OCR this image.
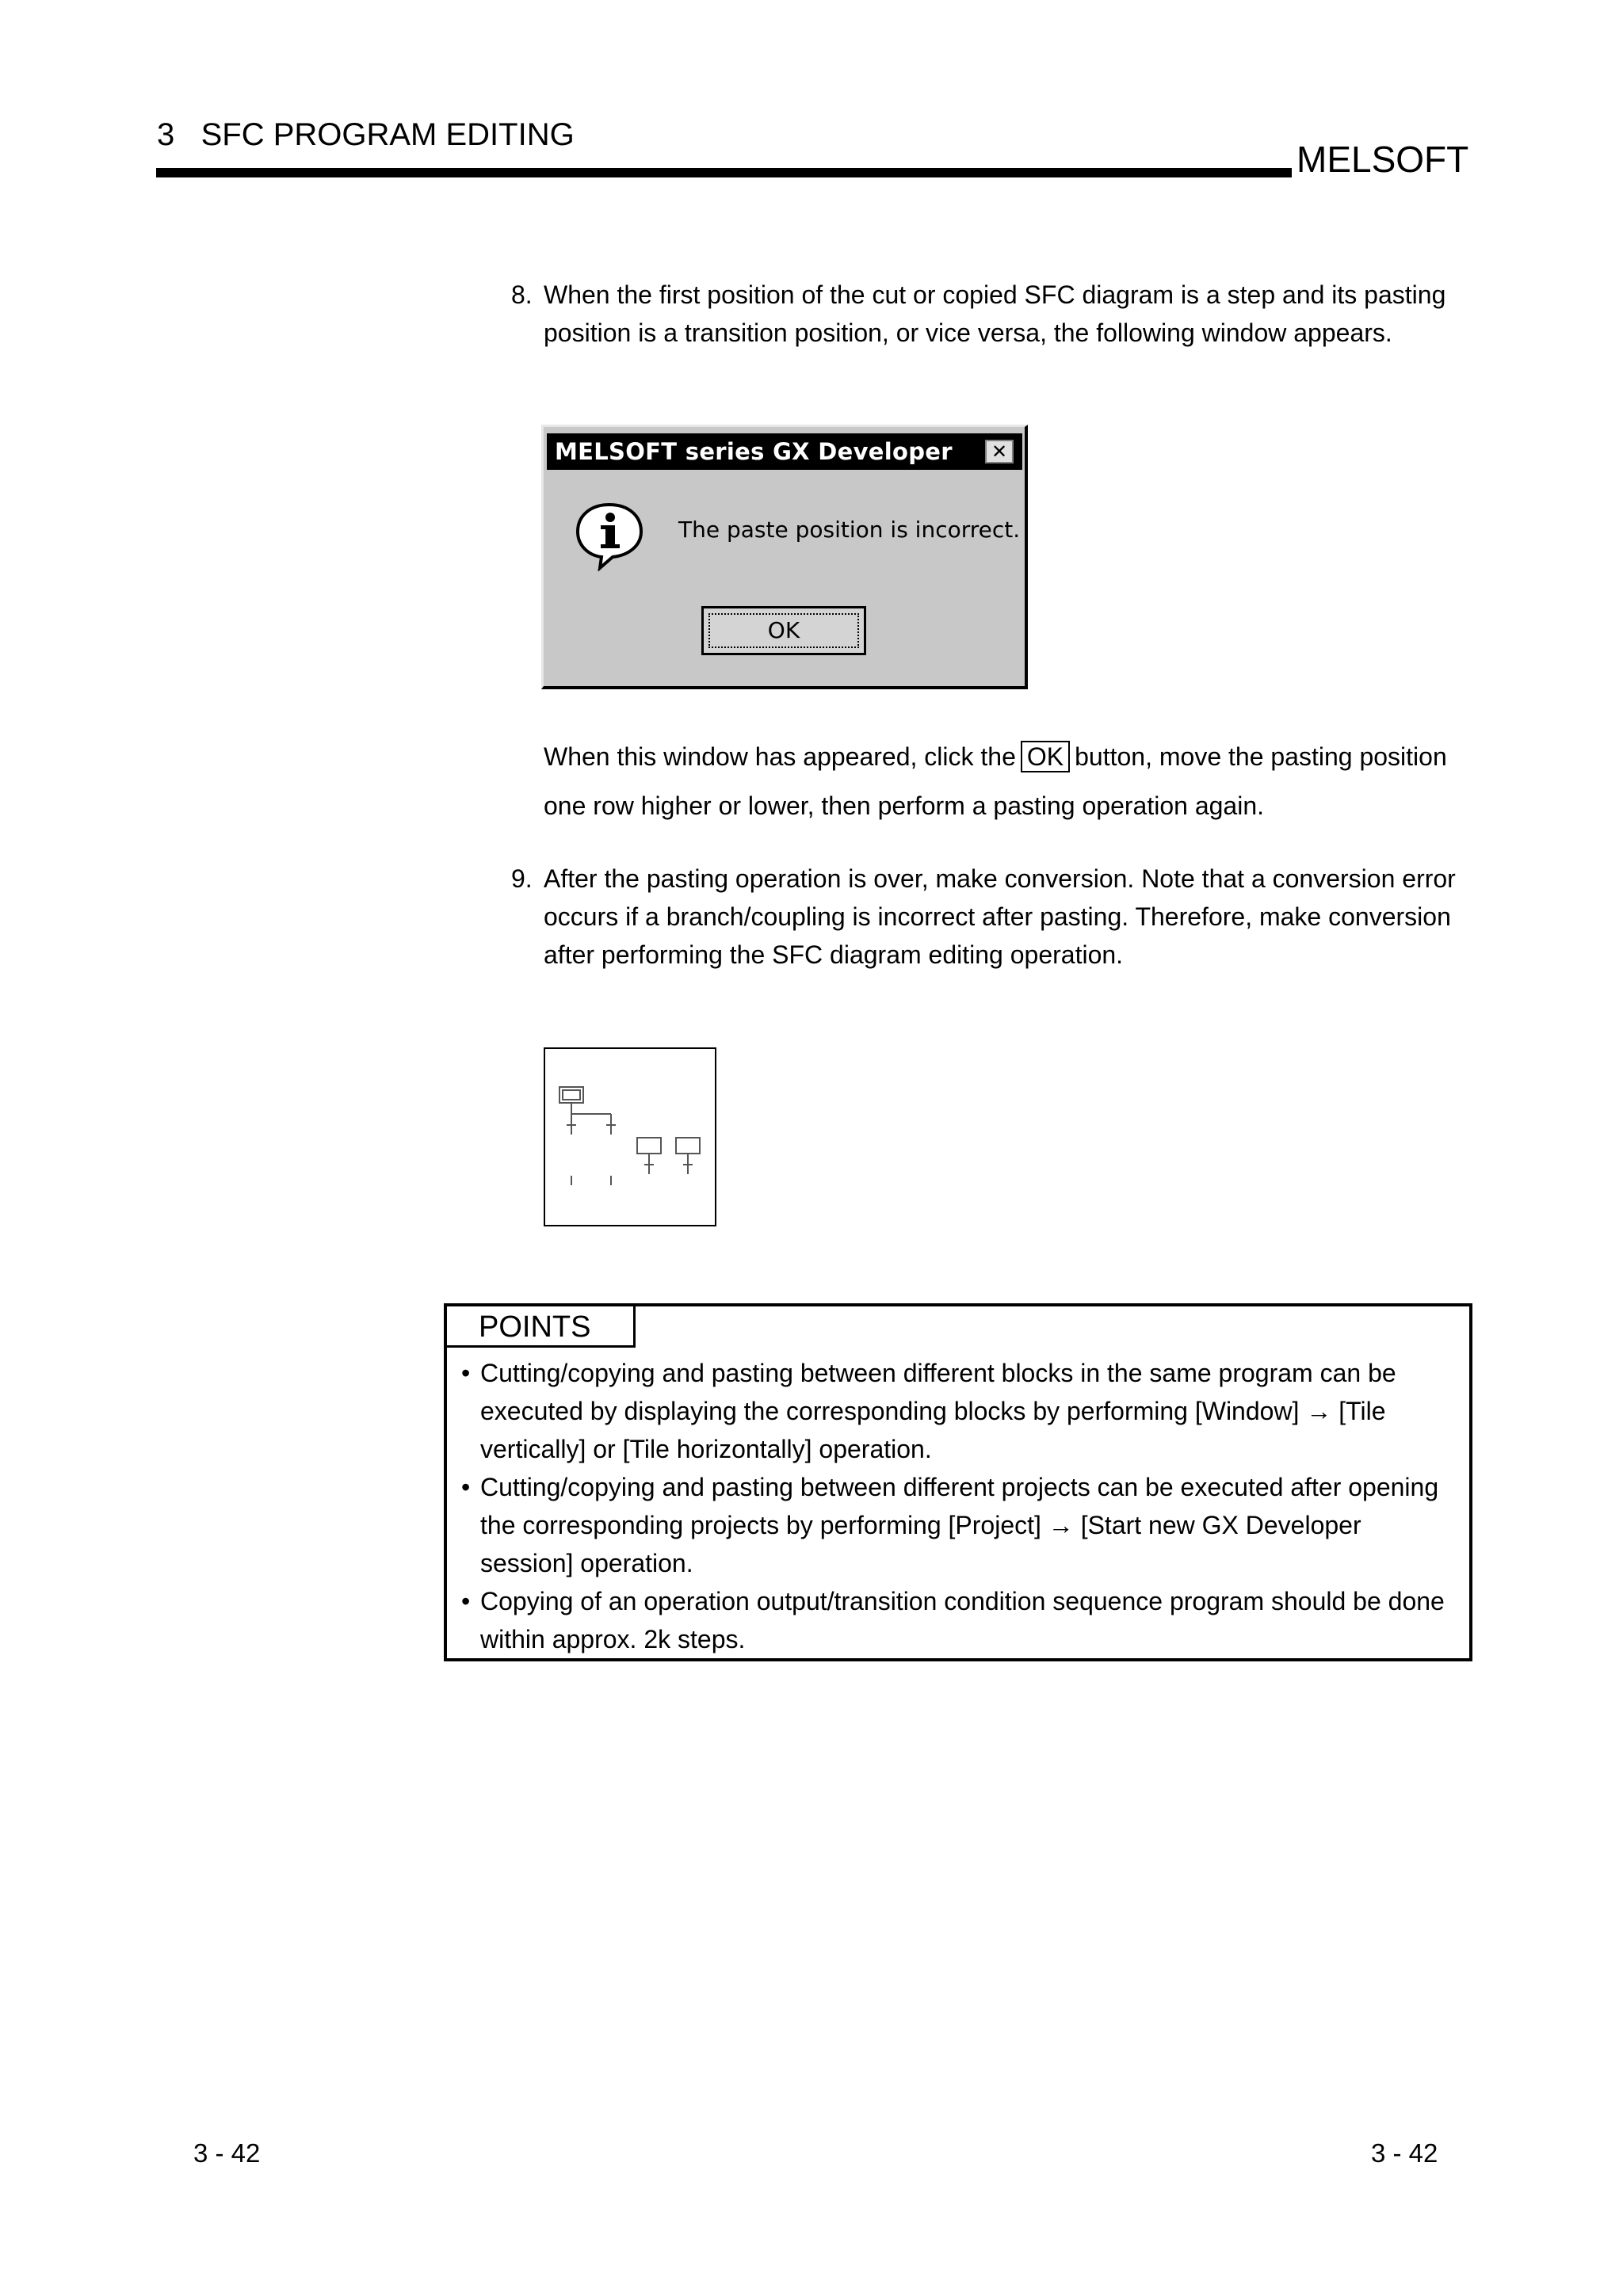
3   SFC PROGRAM EDITING
MELSOFT
8. When the first position of the cut or copied SFC diagram is a step and its pasting position is a transition position, or vice versa, the following window appears.
MELSOFT series GX Developer	✕
The paste position is incorrect.
OK
When this window has appeared, click the OK button, move the pasting position one row higher or lower, then perform a pasting operation again.
9. After the pasting operation is over, make conversion. Note that a conversion error occurs if a branch/coupling is incorrect after pasting. Therefore, make conversion after performing the SFC diagram editing operation.
POINTS
• Cutting/copying and pasting between different blocks in the same program can be executed by displaying the corresponding blocks by performing [Window] → [Tile vertically] or [Tile horizontally] operation.
• Cutting/copying and pasting between different projects can be executed after opening the corresponding projects by performing [Project] → [Start new GX Developer session] operation.
• Copying of an operation output/transition condition sequence program should be done within approx. 2k steps.
3 - 42	3 - 42
